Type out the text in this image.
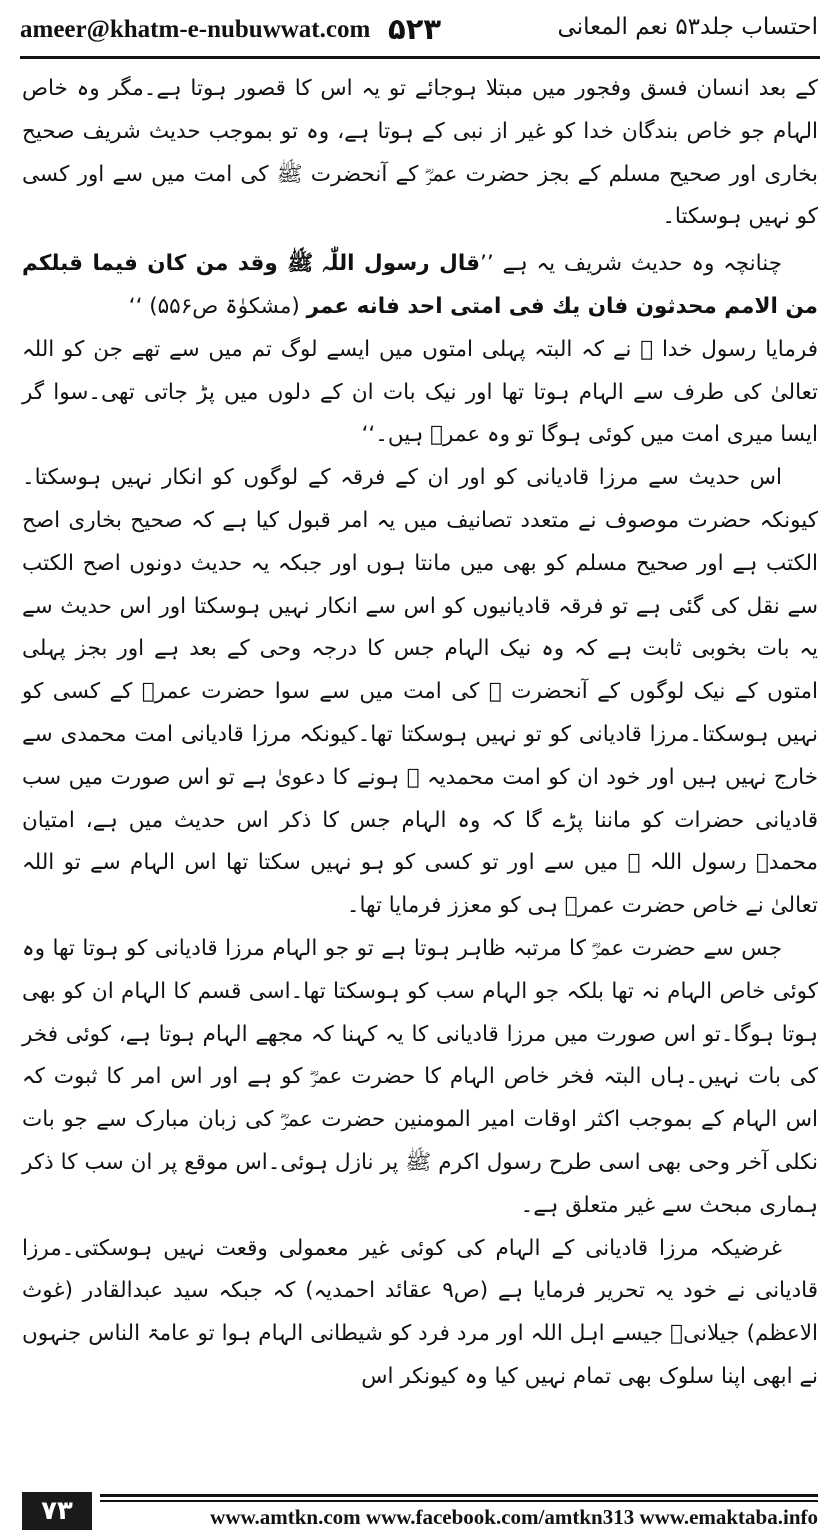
ameer@khatm-e-nubuwwat.com ۵۲۳	احتساب جلد۵۳ نعم المعانی

کے بعد انسان فسق وفجور میں مبتلا ہوجائے تو یہ اس کا قصور ہوتا ہے۔مگر وہ خاص الہام جو خاص بندگان خدا کو غیر از نبی کے ہوتا ہے، وہ تو بموجب حدیث شریف صحیح بخاری اور صحیح مسلم کے بجز حضرت عمرؓ کے آنحضرت ﷺ کی امت میں سے اور کسی کو نہیں ہوسکتا۔

چنانچہ وہ حدیث شریف یہ ہے ’’قال رسول اللّٰہ ﷺ وقد من کان فیما قبلکم من الامم محدثون فان یك فی امتی احد فانه عمر (مشکوٰۃ ص۵۵۶) ‘‘

فرمایا رسول خدا ﷺ نے کہ البتہ پہلی امتوں میں ایسے لوگ تم میں سے تھے جن کو اللہ تعالیٰ کی طرف سے الہام ہوتا تھا اور نیک بات ان کے دلوں میں پڑ جاتی تھی۔سوا گر ایسا میری امت میں کوئی ہوگا تو وہ عمرؓ ہیں۔‘‘

اس حدیث سے مرزا قادیانی کو اور ان کے فرقہ کے لوگوں کو انکار نہیں ہوسکتا۔کیونکہ حضرت موصوف نے متعدد تصانیف میں یہ امر قبول کیا ہے کہ صحیح بخاری اصح الکتب ہے اور صحیح مسلم کو بھی میں مانتا ہوں اور جبکہ یہ حدیث دونوں اصح الکتب سے نقل کی گئی ہے تو فرقہ قادیانیوں کو اس سے انکار نہیں ہوسکتا اور اس حدیث سے یہ بات بخوبی ثابت ہے کہ وہ نیک الہام جس کا درجہ وحی کے بعد ہے اور بجز پہلی امتوں کے نیک لوگوں کے آنحضرت ﷺ کی امت میں سے سوا حضرت عمرؓ کے کسی کو نہیں ہوسکتا۔مرزا قادیانی کو تو نہیں ہوسکتا تھا۔کیونکہ مرزا قادیانی امت محمدی سے خارج نہیں ہیں اور خود ان کو امت محمدیہ ﷺ ہونے کا دعویٰ ہے تو اس صورت میں سب قادیانی حضرات کو ماننا پڑے گا کہ وہ الہام جس کا ذکر اس حدیث میں ہے، امتیان محمدؐ رسول اللہ ﷺ میں سے اور تو کسی کو ہو نہیں سکتا تھا اس الہام سے تو اللہ تعالیٰ نے خاص حضرت عمرؓ ہی کو معزز فرمایا تھا۔

جس سے حضرت عمرؓ کا مرتبہ ظاہر ہوتا ہے تو جو الہام مرزا قادیانی کو ہوتا تھا وہ کوئی خاص الہام نہ تھا بلکہ جو الہام سب کو ہوسکتا تھا۔اسی قسم کا الہام ان کو بھی ہوتا ہوگا۔تو اس صورت میں مرزا قادیانی کا یہ کہنا کہ مجھے الہام ہوتا ہے، کوئی فخر کی بات نہیں۔ہاں البتہ فخر خاص الہام کا حضرت عمرؓ کو ہے اور اس امر کا ثبوت کہ اس الہام کے بموجب اکثر اوقات امیر المومنین حضرت عمرؓ کی زبان مبارک سے جو بات نکلی آخر وحی بھی اسی طرح رسول اکرم ﷺ پر نازل ہوئی۔اس موقع پر ان سب کا ذکر ہماری مبحث سے غیر متعلق ہے۔

غرضیکہ مرزا قادیانی کے الہام کی کوئی غیر معمولی وقعت نہیں ہوسکتی۔مرزا قادیانی نے خود یہ تحریر فرمایا ہے (ص۹ عقائد احمدیہ) کہ جبکہ سید عبدالقادر (غوث الاعظم) جیلانیؒ جیسے اہل اللہ اور مرد فرد کو شیطانی الہام ہوا تو عامۃ الناس جنہوں نے ابھی اپنا سلوک بھی تمام نہیں کیا وہ کیونکر اس

۷۳	www.amtkn.com www.facebook.com/amtkn313 www.emaktaba.info
